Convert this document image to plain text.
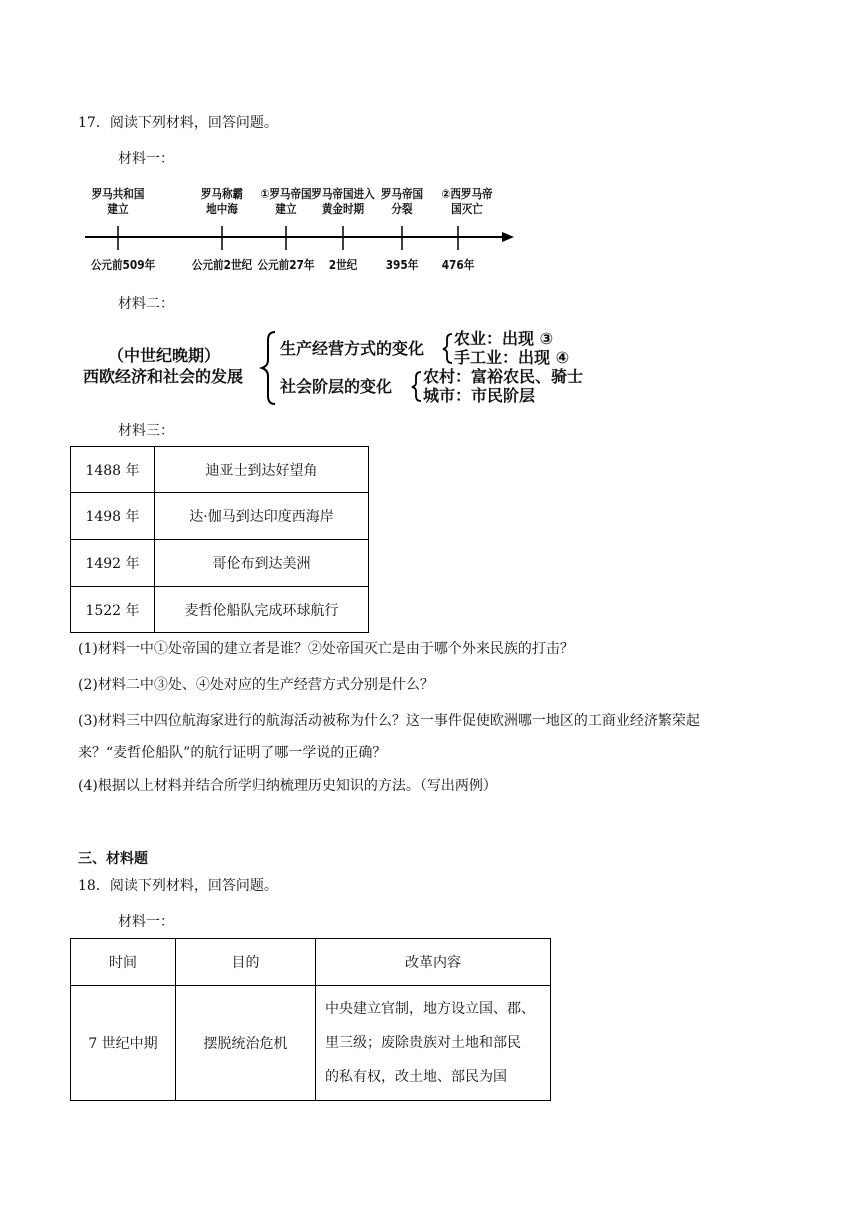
17．阅读下列材料，回答问题。
材料一：
罗马共和国
建立
罗马称霸
地中海
①罗马帝国
建立
罗马帝国进入
黄金时期
罗马帝国
分裂
②西罗马帝
国灭亡
公元前509年	公元前2世纪 公元前27年	2世纪	395年	476年
材料二：
（中世纪晚期）
西欧经济和社会的发展
生产经营方式的变化
农业：出现 ③
手工业：出现 ④
社会阶层的变化
农村：富裕农民、骑士
城市：市民阶层
材料三：
1488 年	迪亚士到达好望角
1498 年	达·伽马到达印度西海岸
1492 年	哥伦布到达美洲
1522 年	麦哲伦船队完成环球航行
(1)材料一中①处帝国的建立者是谁？②处帝国灭亡是由于哪个外来民族的打击？
(2)材料二中③处、④处对应的生产经营方式分别是什么？
(3)材料三中四位航海家进行的航海活动被称为什么？这一事件促使欧洲哪一地区的工商业经济繁荣起
来？“麦哲伦船队”的航行证明了哪一学说的正确？
(4)根据以上材料并结合所学归纳梳理历史知识的方法。（写出两例）
三、材料题
18．阅读下列材料，回答问题。
材料一：
时间	目的	改革内容
7 世纪中期	摆脱统治危机	中央建立官制，地方设立国、郡、
里三级；废除贵族对土地和部民
的私有权，改土地、部民为国
